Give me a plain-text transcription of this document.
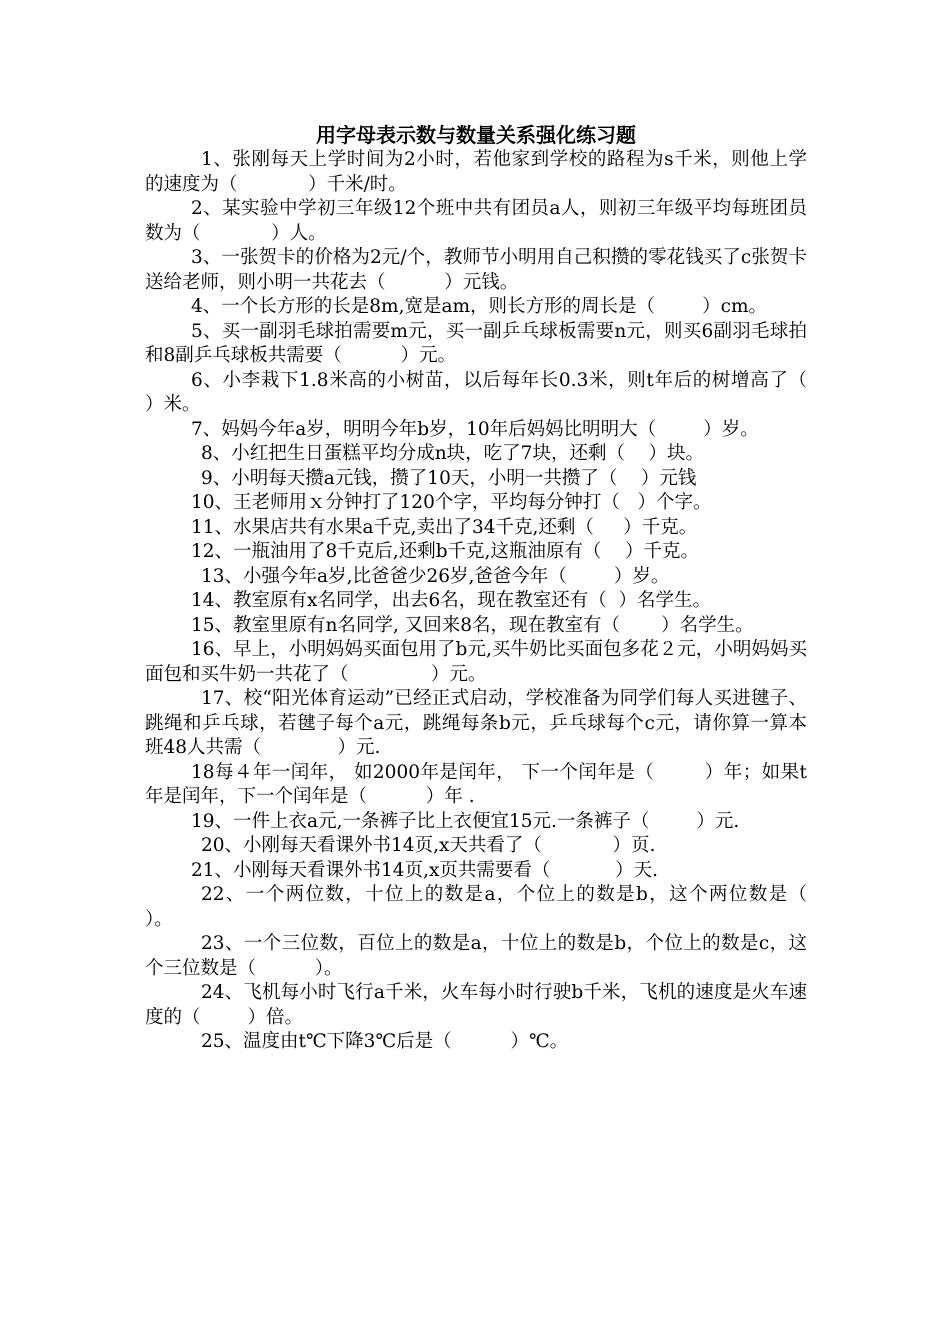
用字母表示数与数量关系强化练习题

1、张刚每天上学时间为2小时，若他家到学校的路程为s千米，则他上学的速度为（            ）千米/时。

2、某实验中学初三年级12个班中共有团员a人，则初三年级平均每班团员数为（            ）人。

3、一张贺卡的价格为2元/个，教师节小明用自己积攒的零花钱买了c张贺卡送给老师，则小明一共花去（          ）元钱。

4、一个长方形的长是8m,宽是am，则长方形的周长是（        ）cm。

5、买一副羽毛球拍需要m元，买一副乒乓球板需要n元，则买6副羽毛球拍和8副乒乓球板共需要（          ）元。

6、小李栽下1.8米高的小树苗，以后每年长0.3米，则t年后的树增高了（             ）米。

7、妈妈今年a岁，明明今年b岁，10年后妈妈比明明大（        ）岁。

8、小红把生日蛋糕平均分成n块，吃了7块，还剩（    ）块。

9、小明每天攒a元钱，攒了10天，小明一共攒了（    ）元钱

10、王老师用ｘ分钟打了120个字，平均每分钟打（   ）个字。

11、水果店共有水果a千克,卖出了34千克,还剩（     ）千克。

12、一瓶油用了8千克后,还剩b千克,这瓶油原有（    ）千克。

13、小强今年a岁,比爸爸少26岁,爸爸今年（        ）岁。

14、教室原有x名同学，出去6名，现在教室还有（  ）名学生。

15、教室里原有n名同学, 又回来8名，现在教室有（       ）名学生。

16、早上，小明妈妈买面包用了b元,买牛奶比买面包多花２元，小明妈妈买面包和买牛奶一共花了（              ）元。

17、校“阳光体育运动”已经正式启动，学校准备为同学们每人买进毽子、跳绳和乒乓球，若毽子每个a元，跳绳每条b元，乒乓球每个c元，请你算一算本班48人共需（             ）元.

18每４年一闰年， 如2000年是闰年， 下一个闰年是（        ）年；如果t年是闰年，下一个闰年是（          ）年 .

19、一件上衣a元,一条裤子比上衣便宜15元.一条裤子（        ）元.

20、小刚每天看课外书14页,x天共看了（            ）页.

21、小刚每天看课外书14页,x页共需要看（           ）天.

22、一个两位数，十位上的数是a，个位上的数是b，这个两位数是（      ）。

23、一个三位数，百位上的数是a，十位上的数是b，个位上的数是c，这个三位数是（          ）。

24、飞机每小时飞行a千米，火车每小时行驶b千米，飞机的速度是火车速度的（        ）倍。

25、温度由t℃下降3℃后是（          ）℃。
